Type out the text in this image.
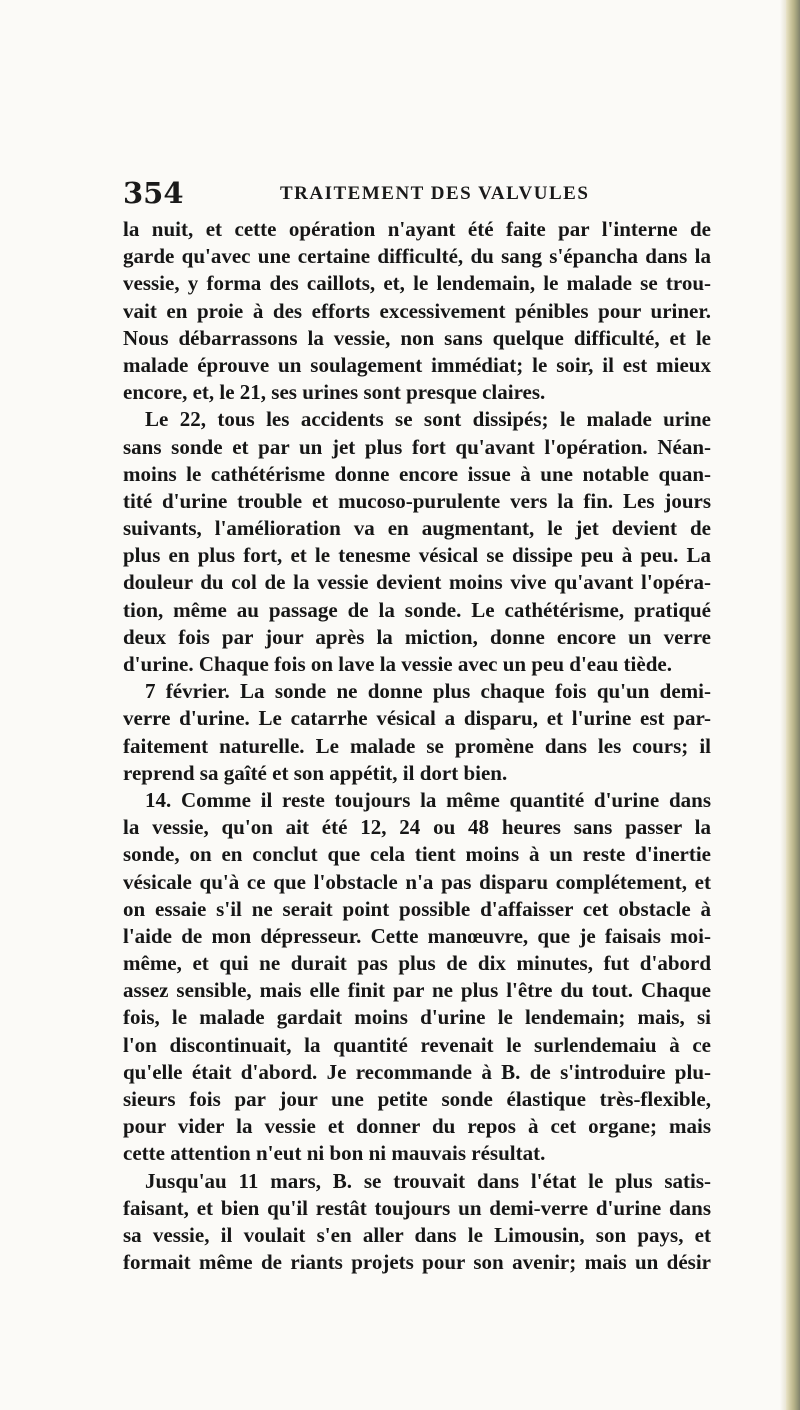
354	TRAITEMENT DES VALVULES
la nuit, et cette opération n'ayant été faite par l'interne de
garde qu'avec une certaine difficulté, du sang s'épancha dans la
vessie, y forma des caillots, et, le lendemain, le malade se trou-
vait en proie à des efforts excessivement pénibles pour uriner.
Nous débarrassons la vessie, non sans quelque difficulté, et le
malade éprouve un soulagement immédiat; le soir, il est mieux
encore, et, le 21, ses urines sont presque claires.
Le 22, tous les accidents se sont dissipés; le malade urine
sans sonde et par un jet plus fort qu'avant l'opération. Néan-
moins le cathétérisme donne encore issue à une notable quan-
tité d'urine trouble et mucoso-purulente vers la fin. Les jours
suivants, l'amélioration va en augmentant, le jet devient de
plus en plus fort, et le tenesme vésical se dissipe peu à peu. La
douleur du col de la vessie devient moins vive qu'avant l'opéra-
tion, même au passage de la sonde. Le cathétérisme, pratiqué
deux fois par jour après la miction, donne encore un verre
d'urine. Chaque fois on lave la vessie avec un peu d'eau tiède.
7 février. La sonde ne donne plus chaque fois qu'un demi-
verre d'urine. Le catarrhe vésical a disparu, et l'urine est par-
faitement naturelle. Le malade se promène dans les cours; il
reprend sa gaîté et son appétit, il dort bien.
14. Comme il reste toujours la même quantité d'urine dans
la vessie, qu'on ait été 12, 24 ou 48 heures sans passer la
sonde, on en conclut que cela tient moins à un reste d'inertie
vésicale qu'à ce que l'obstacle n'a pas disparu complétement, et
on essaie s'il ne serait point possible d'affaisser cet obstacle à
l'aide de mon dépresseur. Cette manœuvre, que je faisais moi-
même, et qui ne durait pas plus de dix minutes, fut d'abord
assez sensible, mais elle finit par ne plus l'être du tout. Chaque
fois, le malade gardait moins d'urine le lendemain; mais, si
l'on discontinuait, la quantité revenait le surlendemaiu à ce
qu'elle était d'abord. Je recommande à B. de s'introduire plu-
sieurs fois par jour une petite sonde élastique très-flexible,
pour vider la vessie et donner du repos à cet organe; mais
cette attention n'eut ni bon ni mauvais résultat.
Jusqu'au 11 mars, B. se trouvait dans l'état le plus satis-
faisant, et bien qu'il restât toujours un demi-verre d'urine dans
sa vessie, il voulait s'en aller dans le Limousin, son pays, et
formait même de riants projets pour son avenir; mais un désir
